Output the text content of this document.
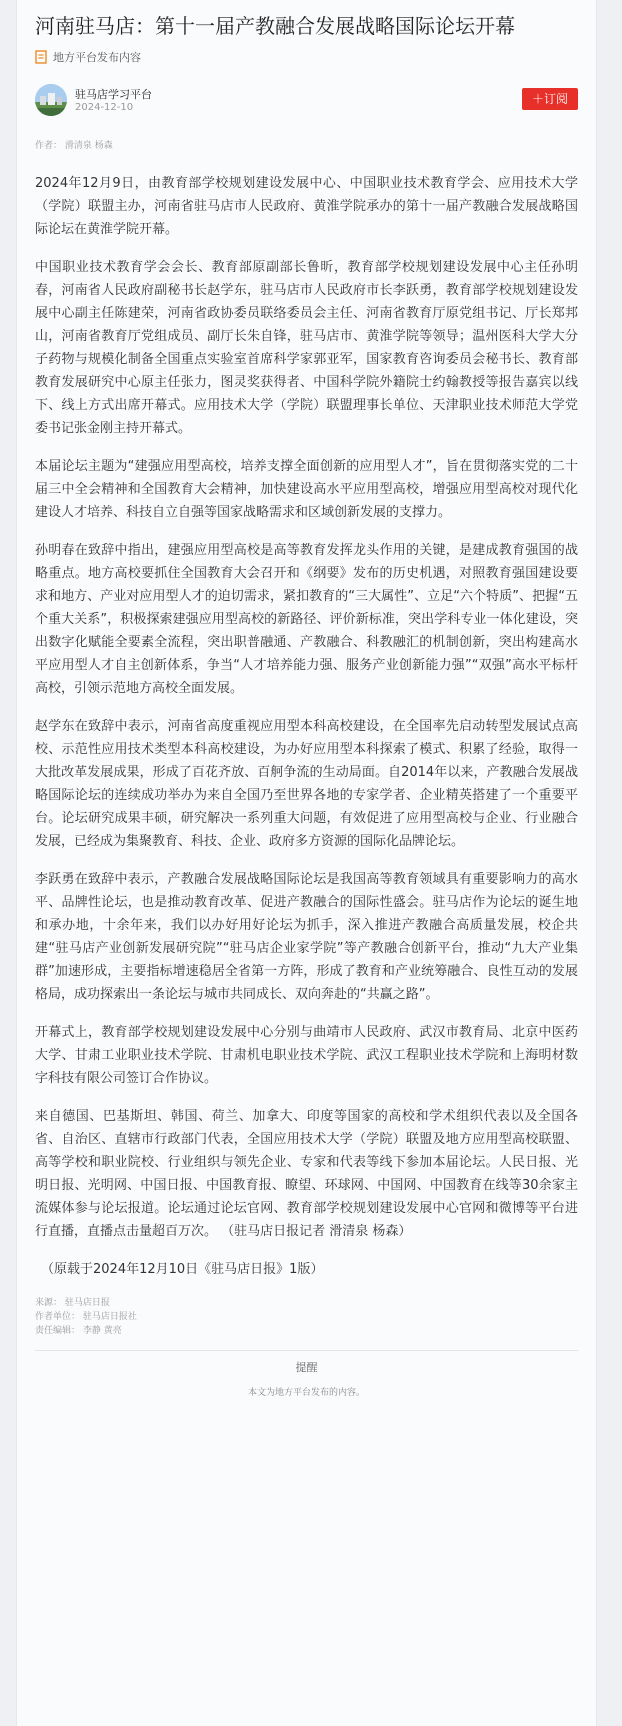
河南驻马店：第十一届产教融合发展战略国际论坛开幕
地方平台发布内容
驻马店学习平台
2024-12-10
＋订阅
作者： 滑清泉 杨森

2024年12月9日，由教育部学校规划建设发展中心、中国职业技术教育学会、应用技术大学（学院）联盟主办，河南省驻马店市人民政府、黄淮学院承办的第十一届产教融合发展战略国际论坛在黄淮学院开幕。

中国职业技术教育学会会长、教育部原副部长鲁昕，教育部学校规划建设发展中心主任孙明春，河南省人民政府副秘书长赵学东，驻马店市人民政府市长李跃勇，教育部学校规划建设发展中心副主任陈建荣，河南省政协委员联络委员会主任、河南省教育厅原党组书记、厅长郑邦山，河南省教育厅党组成员、副厅长朱自锋，驻马店市、黄淮学院等领导；温州医科大学大分子药物与规模化制备全国重点实验室首席科学家郭亚军，国家教育咨询委员会秘书长、教育部教育发展研究中心原主任张力，图灵奖获得者、中国科学院外籍院士约翰教授等报告嘉宾以线下、线上方式出席开幕式。应用技术大学（学院）联盟理事长单位、天津职业技术师范大学党委书记张金刚主持开幕式。

本届论坛主题为“建强应用型高校，培养支撑全面创新的应用型人才”，旨在贯彻落实党的二十届三中全会精神和全国教育大会精神，加快建设高水平应用型高校，增强应用型高校对现代化建设人才培养、科技自立自强等国家战略需求和区域创新发展的支撑力。

孙明春在致辞中指出，建强应用型高校是高等教育发挥龙头作用的关键，是建成教育强国的战略重点。地方高校要抓住全国教育大会召开和《纲要》发布的历史机遇，对照教育强国建设要求和地方、产业对应用型人才的迫切需求，紧扣教育的“三大属性”、立足“六个特质”、把握“五个重大关系”，积极探索建强应用型高校的新路径、评价新标准，突出学科专业一体化建设，突出数字化赋能全要素全流程，突出职普融通、产教融合、科教融汇的机制创新，突出构建高水平应用型人才自主创新体系，争当“人才培养能力强、服务产业创新能力强”“双强”高水平标杆高校，引领示范地方高校全面发展。

赵学东在致辞中表示，河南省高度重视应用型本科高校建设，在全国率先启动转型发展试点高校、示范性应用技术类型本科高校建设，为办好应用型本科探索了模式、积累了经验，取得一大批改革发展成果，形成了百花齐放、百舸争流的生动局面。自2014年以来，产教融合发展战略国际论坛的连续成功举办为来自全国乃至世界各地的专家学者、企业精英搭建了一个重要平台。论坛研究成果丰硕，研究解决一系列重大问题，有效促进了应用型高校与企业、行业融合发展，已经成为集聚教育、科技、企业、政府多方资源的国际化品牌论坛。

李跃勇在致辞中表示，产教融合发展战略国际论坛是我国高等教育领域具有重要影响力的高水平、品牌性论坛，也是推动教育改革、促进产教融合的国际性盛会。驻马店作为论坛的诞生地和承办地，十余年来，我们以办好用好论坛为抓手，深入推进产教融合高质量发展，校企共建“驻马店产业创新发展研究院”“驻马店企业家学院”等产教融合创新平台，推动“九大产业集群”加速形成，主要指标增速稳居全省第一方阵，形成了教育和产业统筹融合、良性互动的发展格局，成功探索出一条论坛与城市共同成长、双向奔赴的“共赢之路”。

开幕式上，教育部学校规划建设发展中心分别与曲靖市人民政府、武汉市教育局、北京中医药大学、甘肃工业职业技术学院、甘肃机电职业技术学院、武汉工程职业技术学院和上海明材数字科技有限公司签订合作协议。

来自德国、巴基斯坦、韩国、荷兰、加拿大、印度等国家的高校和学术组织代表以及全国各省、自治区、直辖市行政部门代表，全国应用技术大学（学院）联盟及地方应用型高校联盟、高等学校和职业院校、行业组织与领先企业、专家和代表等线下参加本届论坛。人民日报、光明日报、光明网、中国日报、中国教育报、瞭望、环球网、中国网、中国教育在线等30余家主流媒体参与论坛报道。论坛通过论坛官网、教育部学校规划建设发展中心官网和微博等平台进行直播，直播点击量超百万次。 （驻马店日报记者 滑清泉 杨森）

（原载于2024年12月10日《驻马店日报》1版）

来源： 驻马店日报
作者单位： 驻马店日报社
责任编辑： 李静 黄亮
提醒
本文为地方平台发布的内容。
